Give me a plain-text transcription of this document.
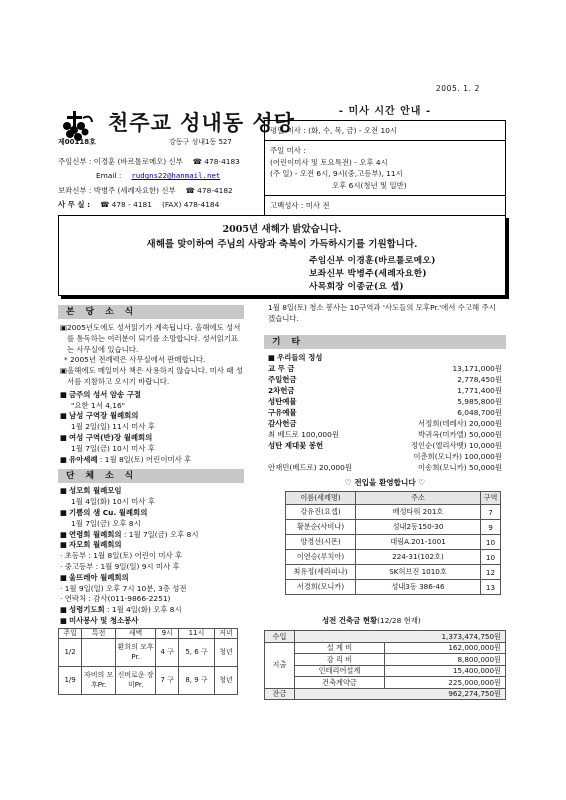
2005. 1. 2
제00118호
천주교 성내동 성당
강동구 성내1동 527
주임신부 : 이경훈 (바르톨로메오) 신부 ☎ 478-4183
Email : rudgns22@hanmail.net
보좌신부 : 박병주 (세례자요한) 신부 ☎ 478-4182
사 무 실 : ☎ 478 - 4181 (FAX) 478-4184
- 미사 시간 안내 -
평일 미사 : (화, 수, 목, 금) - 오전 10시
주일 미사 :
(어린이미사 및 토요특전) - 오후 4시
(주 일) - 오전 6시, 9시(중,고등부), 11시
오후 6시(청년 및 일반)
고백성사 : 미사 전
2005년 새해가 밝았습니다.
새해를 맞이하여 주님의 사랑과 축복이 가득하시기를 기원합니다.
주임신부 이경훈(바르톨로메오)
보좌신부 박병주(세례자요한)
사목회장 이종균(요 셉)
본 당 소 식
▣ 2005년도에도 성서읽기가 계속됩니다. 올해에도 성서를 통독하는 여러분이 되기를 소망합니다. 성서읽기표는 사무실에 있습니다.
* 2005년 전례력은 사무실에서 판매합니다.
▣ 올해에도 메일미사 책은 사용하지 않습니다. 미사 때 성서를 지참하고 오시기 바랍니다.
■ 금주의 성서 암송 구절
"요한 1서 4,16"
■ 남성 구역장 월례회의
1월 2일(일) 11시 미사 후
■ 여성 구역(반)장 월례회의
1월 7일(금) 10시 미사 후
■ 유아세례 : 1월 8일(토) 어린이미사 후
단 체 소 식
■ 성모회 월례모임
1월 4일(화) 10시 미사 후
■ 기쁨의 샘 Cu. 월례회의
1월 7일(금) 오후 8시
■ 연령회 월례회의 : 1월 7일(금) 오후 8시
■ 자모회 월례회의
· 초등부 : 1월 8일(토) 어린이 미사 후
· 중고등부 : 1월 9일(일) 9시 미사 후
■ 울뜨레아 월례회의
· 1월 9일(일) 오후 7시 10분, 3층 성전
· 연락처 : 감사(011-9866-2251)
■ 성령기도회 : 1월 4일(화) 오후 8시
■ 미사봉사 및 청소봉사
주일	특전	새벽	9시	11시	저녁
1/2		환희의 모후Pr.	4 구	5, 6 구	청년
1/9	자비의 모후Pr.	신비로운 장미Pr.	7 구	8, 9 구	청년
1월 8일(토) 청소 봉사는 10구역과 '사도들의 모후Pr.'에서 수고해 주시겠습니다.
기 타
■ 우리들의 정성
교 무 금	13,171,000원
주일헌금	2,778,450원
2차헌금	1,771,400원
성탄예물	5,985,800원
구유예물	6,048,700원
감사헌금	서정희(데레사) 20,000원
최 베드로 100,000원	박귀옥(미카엘) 50,000원
성탄 제대꽃 봉헌	정인순(엘리사벳) 10,000원
이춘희(모니카) 100,000원
안재민(베드로) 20,000원	이송희(모니카) 50,000원
♡ 전입을 환영합니다 ♡
이름(세례명)	주소	구역
강유진(요셉)	배성타워 201호	7
황분순(사비나)	성내2동150-30	9
양경선(시몬)	대림A.201-1001	10
이연승(루치아)	224-31(102호)	10
최유정(세라피나)	SK허브진 1010호	12
서경희(모니카)	성내3동 386-46	13
성전 건축금 현황(12/28 현재)
수입	1,373,474,750원	
지출	설 계 비	162,000,000원
	감 리 비	8,800,000원
	인테리어설계	15,400,000원
	건축계약금	225,000,000원
잔금	962,274,750원	
